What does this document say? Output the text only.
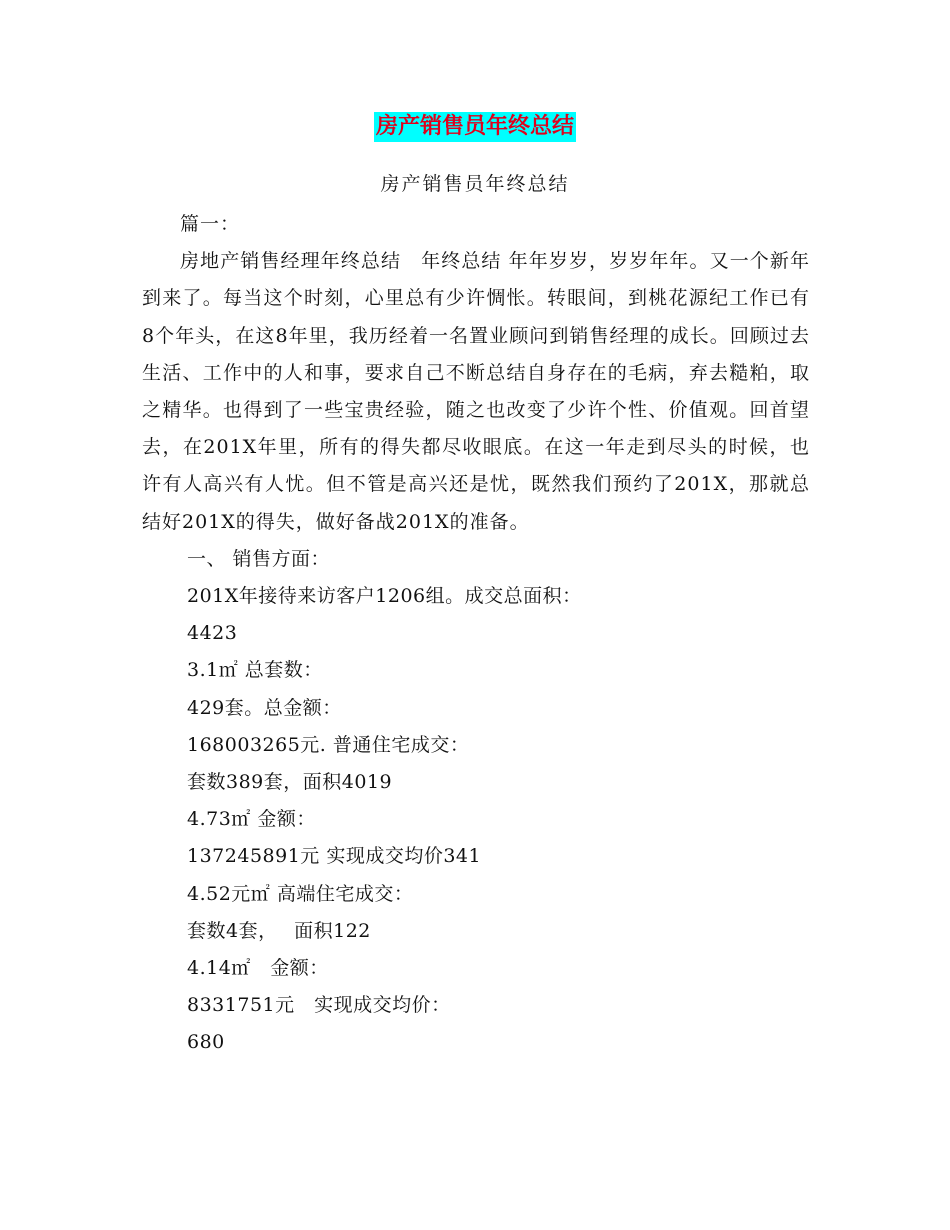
房产销售员年终总结
房产销售员年终总结

篇一：

房地产销售经理年终总结　年终总结 年年岁岁，岁岁年年。又一个新年到来了。每当这个时刻，心里总有少许惆怅。转眼间，到桃花源纪工作已有8个年头，在这8年里，我历经着一名置业顾问到销售经理的成长。回顾过去生活、工作中的人和事，要求自己不断总结自身存在的毛病，弃去糙粕，取之精华。也得到了一些宝贵经验，随之也改变了少许个性、价值观。回首望去，在201X年里，所有的得失都尽收眼底。在这一年走到尽头的时候，也许有人高兴有人忧。但不管是高兴还是忧，既然我们预约了201X，那就总结好201X的得失，做好备战201X的准备。

一、 销售方面：

201X年接待来访客户1206组。成交总面积：

4423

3.1㎡ 总套数：

429套。总金额：

168003265元. 普通住宅成交：

套数389套，面积4019

4.73㎡ 金额：

137245891元 实现成交均价341

4.52元㎡ 高端住宅成交：

套数4套，　 面积122

4.14㎡　金额：

8331751元　实现成交均价：

680
